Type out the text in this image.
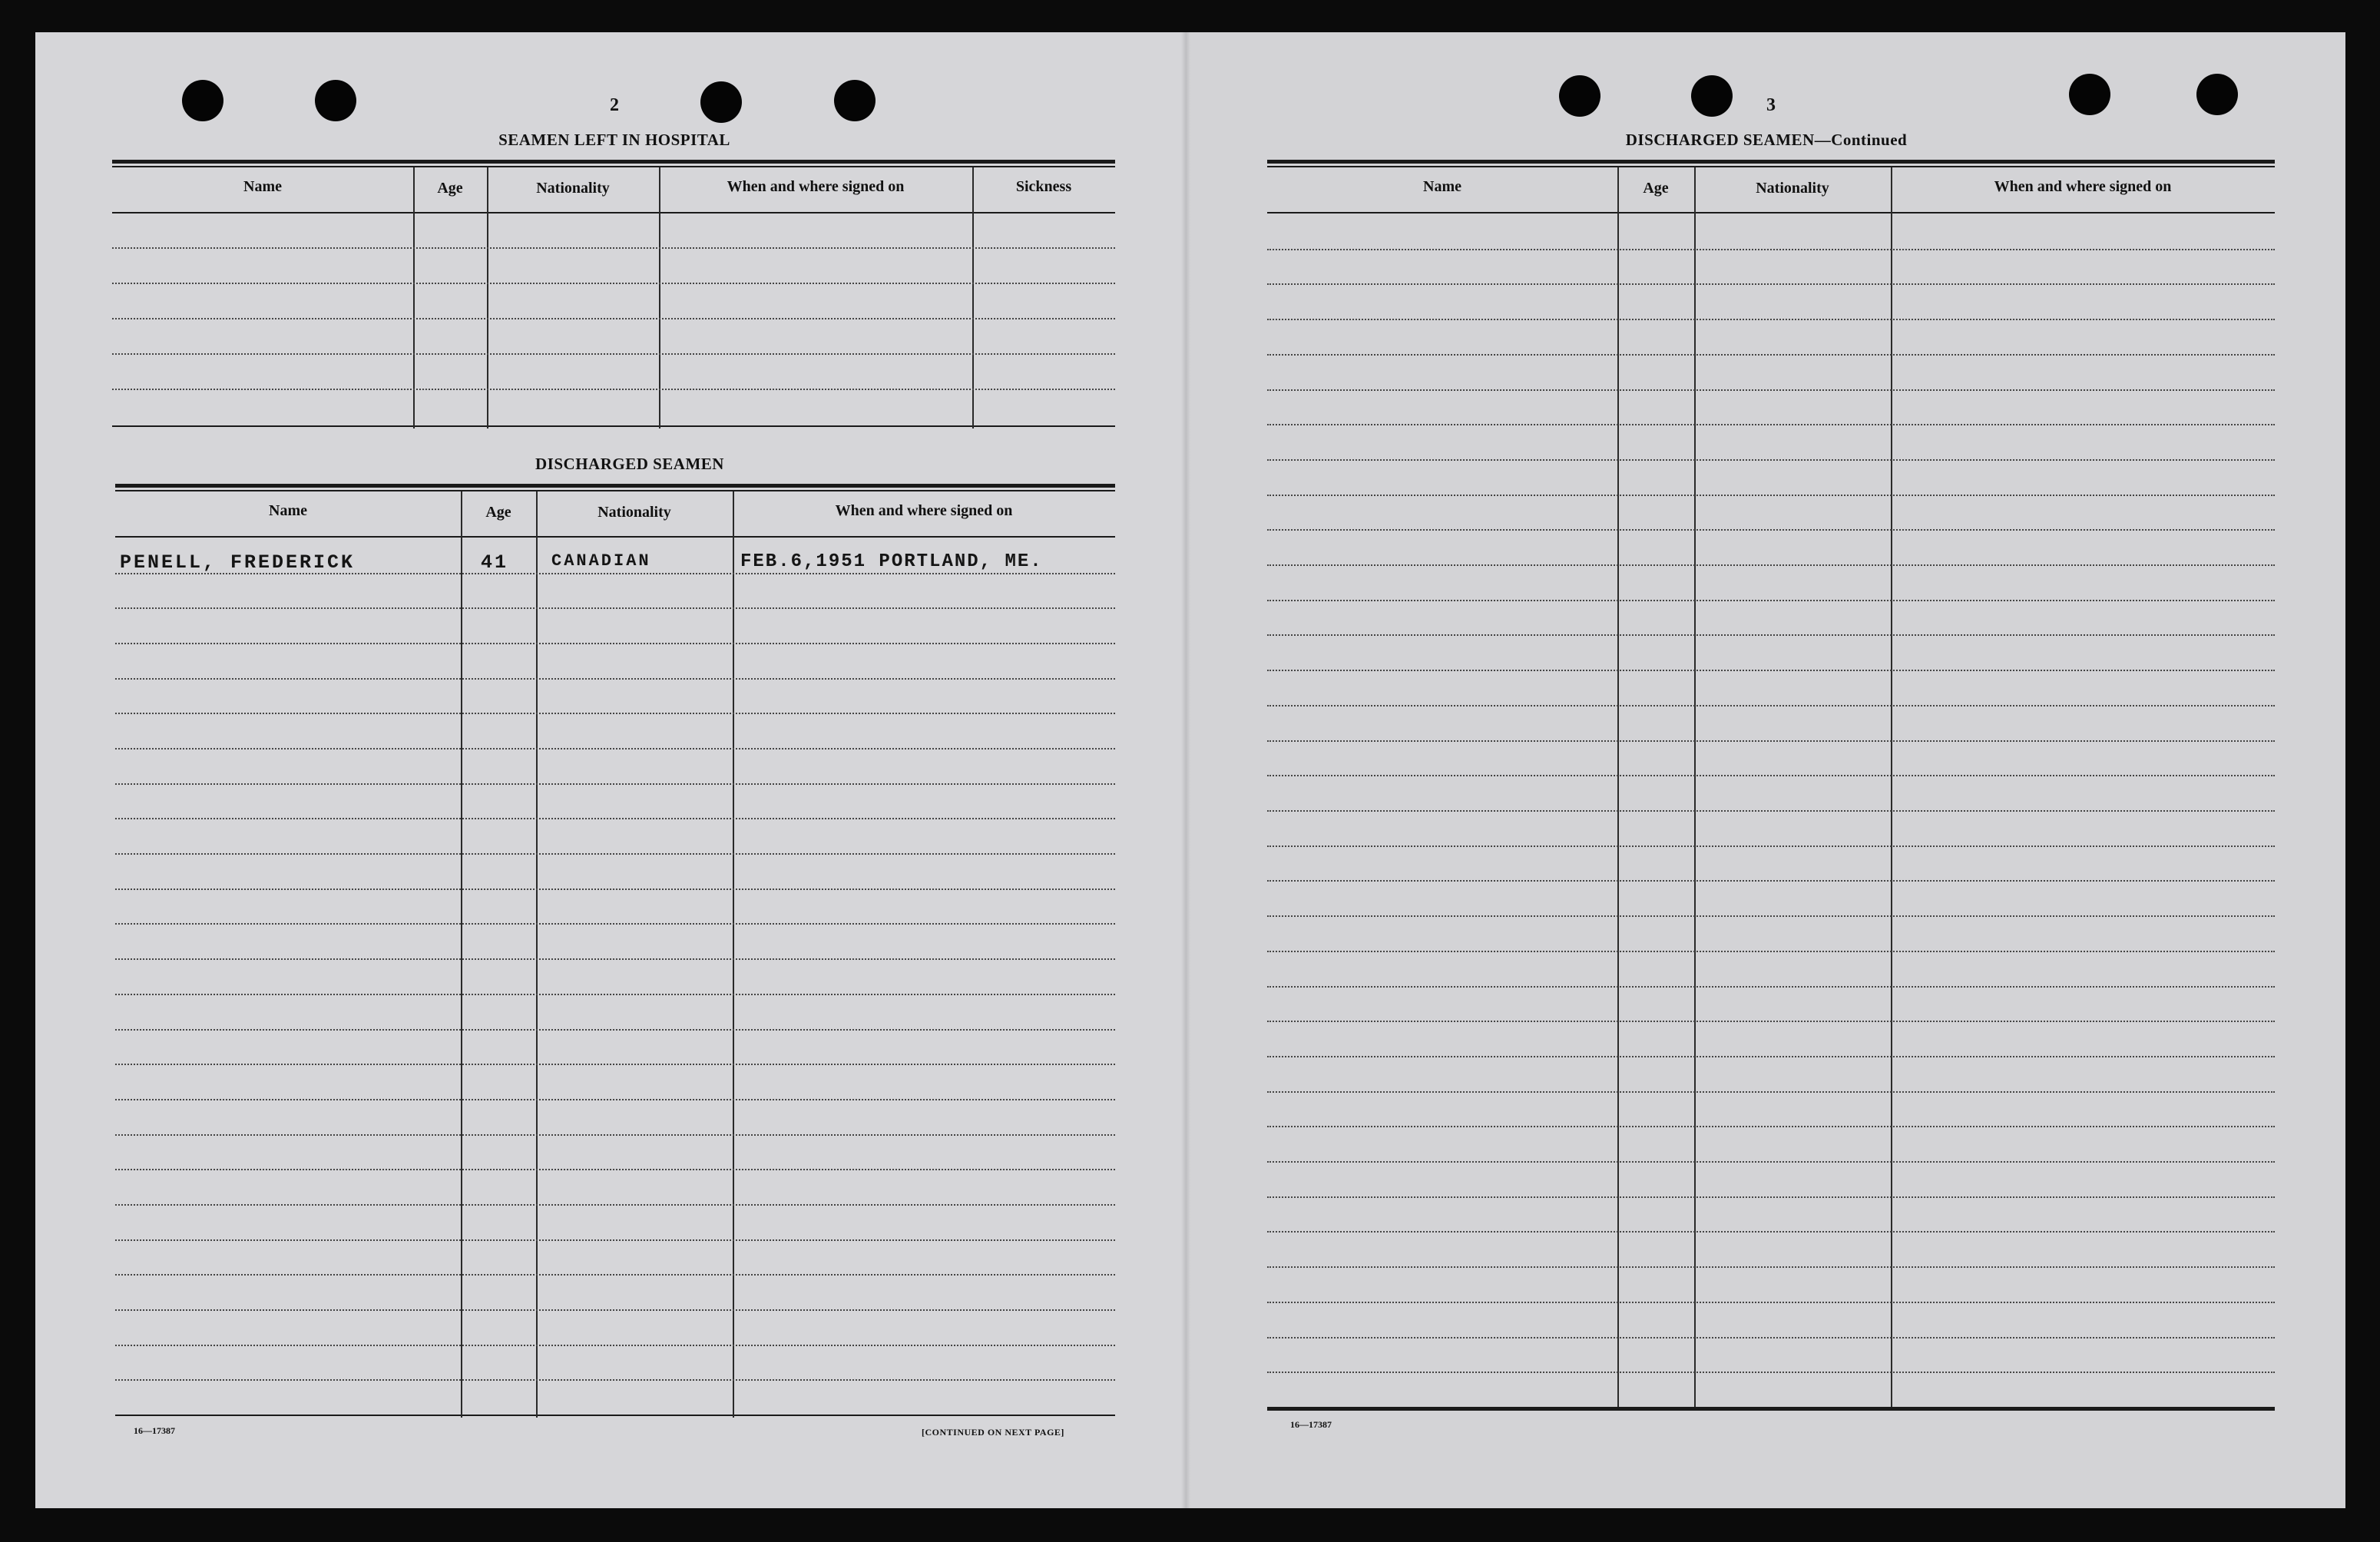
2
SEAMEN LEFT IN HOSPITAL
Name	Age	Nationality	When and where signed on	Sickness
DISCHARGED SEAMEN
Name	Age	Nationality	When and where signed on
PENELL, FREDERICK	41	CANADIAN	FEB.6,1951 PORTLAND, ME.
16—17387	[CONTINUED ON NEXT PAGE]
3
DISCHARGED SEAMEN—Continued
Name	Age	Nationality	When and where signed on
16—17387
